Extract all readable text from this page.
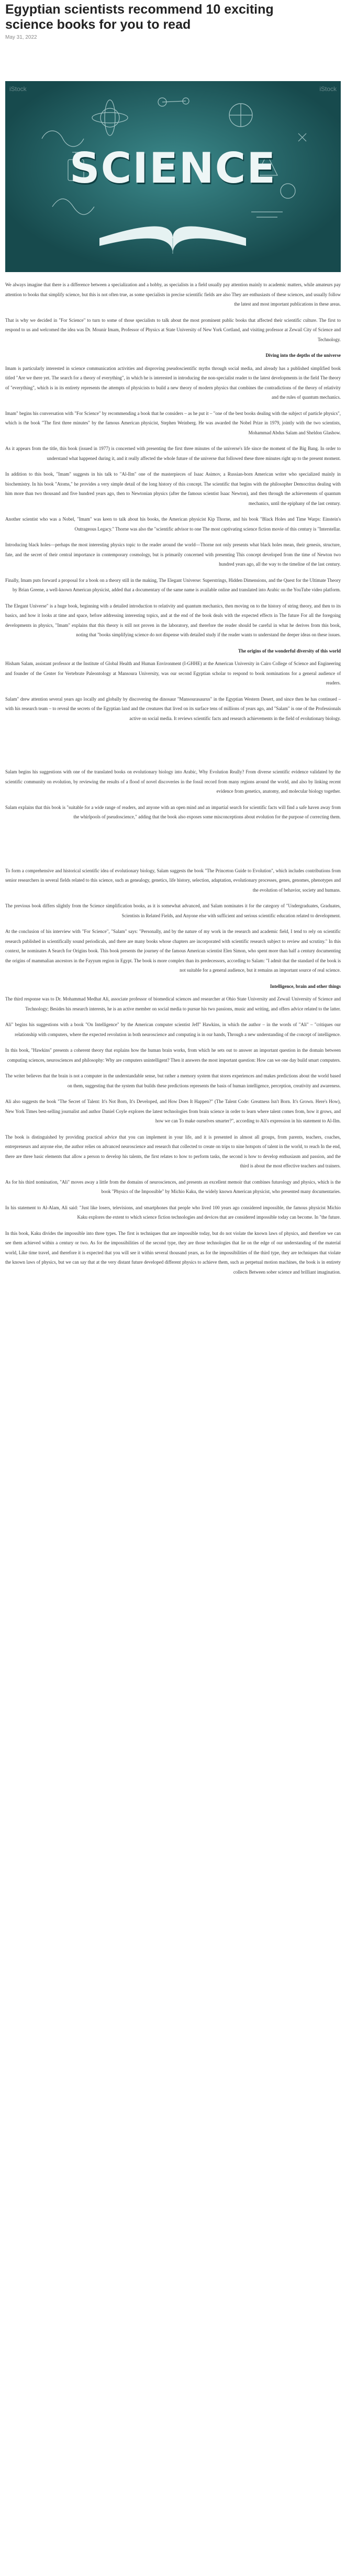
Egyptian scientists recommend 10 exciting science books for you to read
May 31, 2022
iStock	iStock
SCIENCE

We always imagine that there is a difference between a specialization and a hobby, as specialists in a field usually pay attention mainly to academic matters, while amateurs pay attention to books that simplify science, but this is not often true, as some specialists in precise scientific fields are also They are enthusiasts of these sciences, and usually follow the latest and most important publications in these areas.

That is why we decided in "For Science" to turn to some of those specialists to talk about the most prominent public books that affected their scientific culture. The first to respond to us and welcomed the idea was Dr. Mounir Imam, Professor of Physics at State University of New York Cortland, and visiting professor at Zewail City of Science and Technology.

Diving into the depths of the universe

Imam is particularly interested in science communication activities and disproving pseudoscientific myths through social media, and already has a published simplified book titled "Are we there yet. The search for a theory of everything", in which he is interested in introducing the non-specialist reader to the latest developments in the field The theory of "everything", which is in its entirety represents the attempts of physicists to build a new theory of modern physics that combines the contradictions of the theory of relativity and the rules of quantum mechanics.

Imam" begins his conversation with "For Science" by recommending a book that he considers – as he put it – "one of the best books dealing with the subject of particle physics", which is the book "The first three minutes" by the famous American physicist, Stephen Weinberg. He was awarded the Nobel Prize in 1979, jointly with the two scientists, Mohammad Abdus Salam and Sheldon Glashow.

As it appears from the title, this book (issued in 1977) is concerned with presenting the first three minutes of the universe's life since the moment of the Big Bang. In order to understand what happened during it, and it really affected the whole future of the universe that followed these three minutes right up to the present moment.

In addition to this book, "Imam" suggests in his talk to "Al-Ilm" one of the masterpieces of Isaac Asimov, a Russian-born American writer who specialized mainly in biochemistry. In his book "Atoms," he provides a very simple detail of the long history of this concept. The scientific that begins with the philosopher Democritus dealing with him more than two thousand and five hundred years ago, then to Newtonian physics (after the famous scientist Isaac Newton), and then through the achievements of quantum mechanics, until the epiphany of the last century.

Another scientist who was a Nobel, "Imam" was keen to talk about his books, the American physicist Kip Thorne, and his book "Black Holes and Time Warps: Einstein's Outrageous Legacy." Thorne was also the "scientific advisor to one The most captivating science fiction movie of this century is "Interstellar.

Introducing black holes—perhaps the most interesting physics topic to the reader around the world—Thorne not only presents what black holes mean, their genesis, structure, fate, and the secret of their central importance in contemporary cosmology, but is primarily concerned with presenting This concept developed from the time of Newton two hundred years ago, all the way to the timeline of the last century.

Finally, Imam puts forward a proposal for a book on a theory still in the making, The Elegant Universe: Superstrings, Hidden Dimensions, and the Quest for the Ultimate Theory by Brian Greene, a well-known American physicist, added that a documentary of the same name is available online and translated into Arabic on the YouTube video platform.

The Elegant Universe" is a huge book, beginning with a detailed introduction to relativity and quantum mechanics, then moving on to the history of string theory, and then to its basics, and how it looks at time and space, before addressing interesting topics, and at the end of the book deals with the expected effects in The future For all the foregoing developments in physics, "Imam" explains that this theory is still not proven in the laboratory, and therefore the reader should be careful in what he derives from this book, noting that "books simplifying science do not dispense with detailed study if the reader wants to understand the deeper ideas on these issues.

The origins of the wonderful diversity of this world

Hisham Salam, assistant professor at the Institute of Global Health and Human Environment (I-GHHE) at the American University in Cairo College of Science and Engineering and founder of the Center for Vertebrate Paleontology at Mansoura University, was our second Egyptian scholar to respond to book nominations for a general audience of readers.

Salam" drew attention several years ago locally and globally by discovering the dinosaur "Mansourasaurus" in the Egyptian Western Desert, and since then he has continued – with his research team – to reveal the secrets of the Egyptian land and the creatures that lived on its surface tens of millions of years ago, and "Salam" is one of the Professionals active on social media. It reviews scientific facts and research achievements in the field of evolutionary biology.

Salam begins his suggestions with one of the translated books on evolutionary biology into Arabic, Why Evolution Really? From diverse scientific evidence validated by the scientific community on evolution, by reviewing the results of a flood of novel discoveries in the fossil record from many regions around the world, and also by linking recent evidence from genetics, anatomy, and molecular biology together.

Salam explains that this book is "suitable for a wide range of readers, and anyone with an open mind and an impartial search for scientific facts will find a safe haven away from the whirlpools of pseudoscience," adding that the book also exposes some misconceptions about evolution for the purpose of correcting them.

To form a comprehensive and historical scientific idea of evolutionary biology, Salam suggests the book "The Princeton Guide to Evolution", which includes contributions from senior researchers in several fields related to this science, such as genealogy, genetics, life history, selection, adaptation, evolutionary processes, genes, genomes, phenotypes and the evolution of behavior, society and humans.

The previous book differs slightly from the Science simplification books, as it is somewhat advanced, and Salam nominates it for the category of "Undergraduates, Graduates, Scientists in Related Fields, and Anyone else with sufficient and serious scientific education related to development.

At the conclusion of his interview with "For Science", "Salam" says: "Personally, and by the nature of my work in the research and academic field, I tend to rely on scientific research published in scientifically sound periodicals, and there are many books whose chapters are incorporated with scientific research subject to review and scrutiny." In this context, he nominates A Search for Origins book. This book presents the journey of the famous American scientist Elen Simon, who spent more than half a century documenting the origins of mammalian ancestors in the Fayyum region in Egypt. The book is more complex than its predecessors, according to Salam: "I admit that the standard of the book is not suitable for a general audience, but it remains an important source of real science.

Intelligence, brain and other things

The third response was to Dr. Mohammad Medhat Ali, associate professor of biomedical sciences and researcher at Ohio State University and Zewail University of Science and Technology; Besides his research interests, he is an active member on social media to pursue his two passions, music and writing, and offers advice related to the latter.

Ali" begins his suggestions with a book "On Intelligence" by the American computer scientist Jeff" Hawkins, in which the author – in the words of "Ali" – "critiques our relationship with computers, where the expected revolution in both neuroscience and computing is in our hands, Through a new understanding of the concept of intelligence.

In this book, "Hawkins" presents a coherent theory that explains how the human brain works, from which he sets out to answer an important question in the domain between computing sciences, neurosciences and philosophy: Why are computers unintelligent? Then it answers the most important question: How can we one day build smart computers.

The writer believes that the brain is not a computer in the understandable sense, but rather a memory system that stores experiences and makes predictions about the world based on them, suggesting that the system that builds these predictions represents the basis of human intelligence, perception, creativity and awareness.

Ali also suggests the book "The Secret of Talent: It's Not Born, It's Developed, and How Does It Happen?" (The Talent Code: Greatness Isn't Born. It's Grown. Here's How), New York Times best-selling journalist and author Daniel Coyle explores the latest technologies from brain science in order to learn where talent comes from, how it grows, and how we can To make ourselves smarter?", according to Ali's expression in his statement to Al-Ilm.

The book is distinguished by providing practical advice that you can implement in your life, and it is presented in almost all groups, from parents, teachers, coaches, entrepreneurs and anyone else, the author relies on advanced neuroscience and research that collected to create on trips to nine hotspots of talent in the world, to reach In the end, there are three basic elements that allow a person to develop his talents, the first relates to how to perform tasks, the second is how to develop enthusiasm and passion, and the third is about the most effective teachers and trainers.

As for his third nomination, "Ali" moves away a little from the domains of neurosciences, and presents an excellent memoir that combines futurology and physics, which is the book "Physics of the Impossible" by Michio Kaku, the widely known American physicist, who presented many documentaries.

In his statement to Al-Alam, Ali said: "Just like losers, televisions, and smartphones that people who lived 100 years ago considered impossible, the famous physicist Michio Kaku explores the extent to which science fiction technologies and devices that are considered impossible today can become. In "the future.

In this book, Kaku divides the impossible into three types. The first is techniques that are impossible today, but do not violate the known laws of physics, and therefore we can see them achieved within a century or two. As for the impossibilities of the second type, they are those technologies that lie on the edge of our understanding of the material world, Like time travel, and therefore it is expected that you will see it within several thousand years, as for the impossibilities of the third type, they are techniques that violate the known laws of physics, but we can say that at the very distant future developed different physics to achieve them, such as perpetual motion machines, the book is in entirety collects Between sober science and brilliant imagination.
